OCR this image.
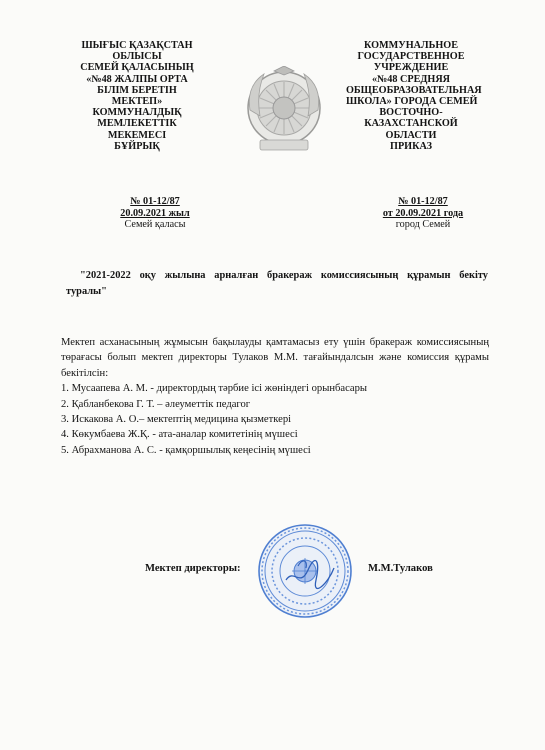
ШЫҒЫС ҚАЗАҚСТАН
ОБЛЫСЫ
СЕМЕЙ ҚАЛАСЫНЫҢ
«№48 ЖАЛПЫ ОРТА
БІЛІМ БЕРЕТІН
МЕКТЕП»
КОММУНАЛДЫҚ
МЕМЛЕКЕТТІК
МЕКЕМЕСІ
БҰЙРЫҚ
КОММУНАЛЬНОЕ
ГОСУДАРСТВЕННОЕ
УЧРЕЖДЕНИЕ
«№48 СРЕДНЯЯ
ОБЩЕОБРАЗОВАТЕЛЬНАЯ
ШКОЛА» ГОРОДА СЕМЕЙ
ВОСТОЧНО-
КАЗАХСТАНСКОЙ
ОБЛАСТИ
ПРИКАЗ
№ 01-12/87
20.09.2021 жыл
Семей қаласы
№ 01-12/87
от 20.09.2021 года
город Семей
"2021-2022 оқу жылына арналған бракераж комиссиясының құрамын бекіту туралы"
Мектеп асханасының жұмысын бақылауды қамтамасыз ету үшін бракераж комиссиясының төрағасы болып мектеп директоры Тулаков М.М. тағайындалсын және комиссия құрамы бекітілсін:
1. Мусаапева А. М. - директордың тәрбие ісі жөніндегі орынбасары
2. Қабланбекова Г. Т. – әлеуметтік педагог
3. Искакова А. О.– мектептің медицина қызметкері
4. Көкумбаева Ж.Қ. - ата-аналар комитетінің мүшесі
5. Абрахманова А. С. - қамқоршылық кеңесінің мүшесі
Мектеп директоры:	М.М.Тулаков
